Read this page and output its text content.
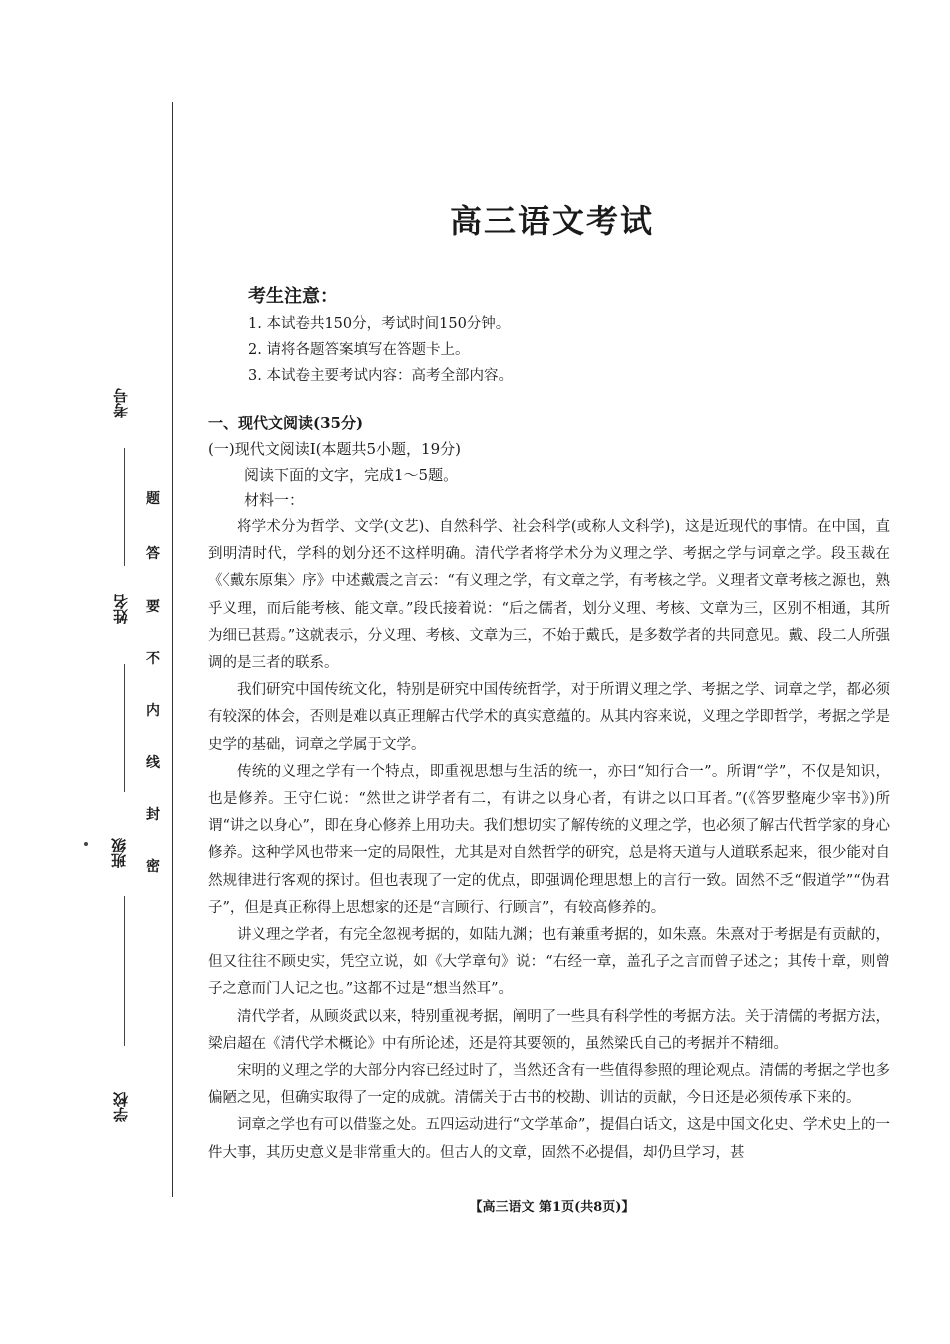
考号
姓名
班级
学校
题
答
要
不
内
线
封
密
高三语文考试
考生注意：
1. 本试卷共150分，考试时间150分钟。
2. 请将各题答案填写在答题卡上。
3. 本试卷主要考试内容：高考全部内容。
一、现代文阅读(35分)
(一)现代文阅读Ⅰ(本题共5小题，19分)
阅读下面的文字，完成1～5题。
材料一：

将学术分为哲学、文学(文艺)、自然科学、社会科学(或称人文科学)，这是近现代的事情。在中国，直到明清时代，学科的划分还不这样明确。清代学者将学术分为义理之学、考据之学与词章之学。段玉裁在《〈戴东原集〉序》中述戴震之言云：“有义理之学，有文章之学，有考核之学。义理者文章考核之源也，熟乎义理，而后能考核、能文章。”段氏接着说：“后之儒者，划分义理、考核、文章为三，区别不相通，其所为细已甚焉。”这就表示，分义理、考核、文章为三，不始于戴氏，是多数学者的共同意见。戴、段二人所强调的是三者的联系。

我们研究中国传统文化，特别是研究中国传统哲学，对于所谓义理之学、考据之学、词章之学，都必须有较深的体会，否则是难以真正理解古代学术的真实意蕴的。从其内容来说，义理之学即哲学，考据之学是史学的基础，词章之学属于文学。

传统的义理之学有一个特点，即重视思想与生活的统一，亦曰“知行合一”。所谓“学”，不仅是知识，也是修养。王守仁说：“然世之讲学者有二，有讲之以身心者，有讲之以口耳者。”(《答罗整庵少宰书》)所谓“讲之以身心”，即在身心修养上用功夫。我们想切实了解传统的义理之学，也必须了解古代哲学家的身心修养。这种学风也带来一定的局限性，尤其是对自然哲学的研究，总是将天道与人道联系起来，很少能对自然规律进行客观的探讨。但也表现了一定的优点，即强调伦理思想上的言行一致。固然不乏“假道学”“伪君子”，但是真正称得上思想家的还是“言顾行、行顾言”，有较高修养的。

讲义理之学者，有完全忽视考据的，如陆九渊；也有兼重考据的，如朱熹。朱熹对于考据是有贡献的，但又往往不顾史实，凭空立说，如《大学章句》说：“右经一章，盖孔子之言而曾子述之；其传十章，则曾子之意而门人记之也。”这都不过是“想当然耳”。

清代学者，从顾炎武以来，特别重视考据，阐明了一些具有科学性的考据方法。关于清儒的考据方法，梁启超在《清代学术概论》中有所论述，还是符其要领的，虽然梁氏自己的考据并不精细。

宋明的义理之学的大部分内容已经过时了，当然还含有一些值得参照的理论观点。清儒的考据之学也多偏陋之见，但确实取得了一定的成就。清儒关于古书的校勘、训诂的贡献，今日还是必须传承下来的。

词章之学也有可以借鉴之处。五四运动进行“文学革命”，提倡白话文，这是中国文化史、学术史上的一件大事，其历史意义是非常重大的。但古人的文章，固然不必提倡，却仍旦学习，甚

【高三语文 第1页(共8页)】
